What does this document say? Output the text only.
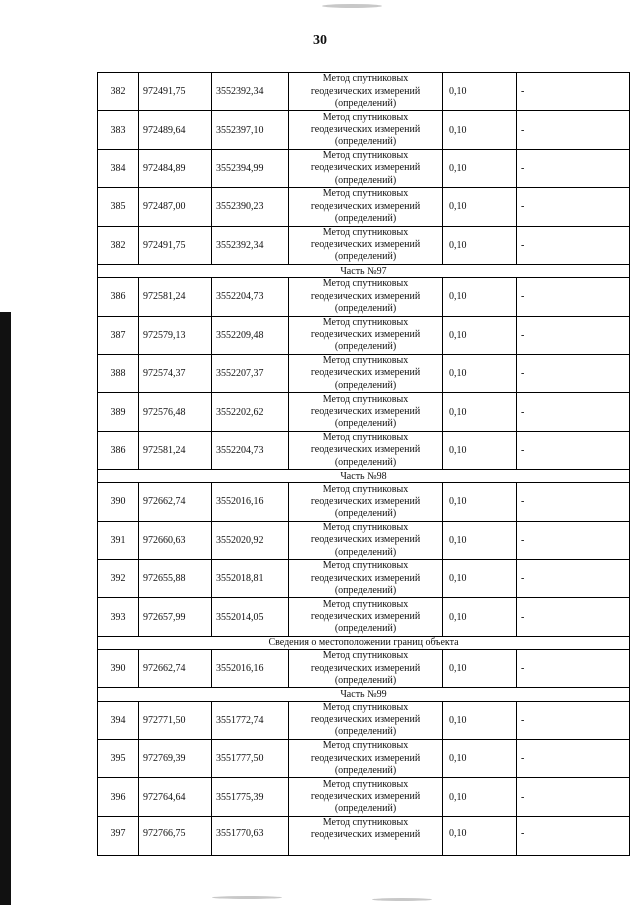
30
382	972491,75	3552392,34	Метод спутниковых
геодезических измерений
(определений)	0,10	-
383	972489,64	3552397,10	Метод спутниковых
геодезических измерений
(определений)	0,10	-
384	972484,89	3552394,99	Метод спутниковых
геодезических измерений
(определений)	0,10	-
385	972487,00	3552390,23	Метод спутниковых
геодезических измерений
(определений)	0,10	-
382	972491,75	3552392,34	Метод спутниковых
геодезических измерений
(определений)	0,10	-
Часть №97					
386	972581,24	3552204,73	Метод спутниковых
геодезических измерений
(определений)	0,10	-
387	972579,13	3552209,48	Метод спутниковых
геодезических измерений
(определений)	0,10	-
388	972574,37	3552207,37	Метод спутниковых
геодезических измерений
(определений)	0,10	-
389	972576,48	3552202,62	Метод спутниковых
геодезических измерений
(определений)	0,10	-
386	972581,24	3552204,73	Метод спутниковых
геодезических измерений
(определений)	0,10	-
Часть №98					
390	972662,74	3552016,16	Метод спутниковых
геодезических измерений
(определений)	0,10	-
391	972660,63	3552020,92	Метод спутниковых
геодезических измерений
(определений)	0,10	-
392	972655,88	3552018,81	Метод спутниковых
геодезических измерений
(определений)	0,10	-
393	972657,99	3552014,05	Метод спутниковых
геодезических измерений
(определений)	0,10	-
Сведения о местоположении границ объекта					
390	972662,74	3552016,16	Метод спутниковых
геодезических измерений
(определений)	0,10	-
Часть №99					
394	972771,50	3551772,74	Метод спутниковых
геодезических измерений
(определений)	0,10	-
395	972769,39	3551777,50	Метод спутниковых
геодезических измерений
(определений)	0,10	-
396	972764,64	3551775,39	Метод спутниковых
геодезических измерений
(определений)	0,10	-
397	972766,75	3551770,63	Метод спутниковых
геодезических измерений	0,10	-
